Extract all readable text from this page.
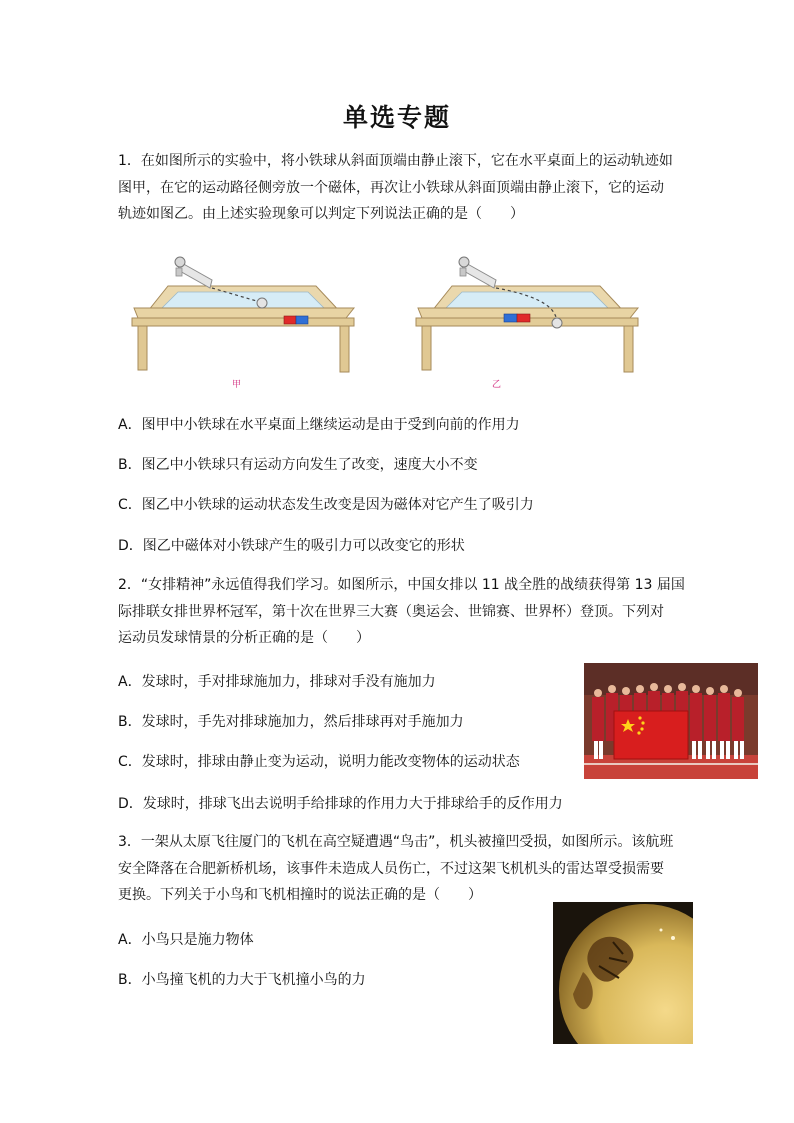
单选专题

1．在如图所示的实验中，将小铁球从斜面顶端由静止滚下，它在水平桌面上的运动轨迹如
图甲，在它的运动路径侧旁放一个磁体，再次让小铁球从斜面顶端由静止滚下，它的运动
轨迹如图乙。由上述实验现象可以判定下列说法正确的是（　　）

甲	乙
A．图甲中小铁球在水平桌面上继续运动是由于受到向前的作用力
B．图乙中小铁球只有运动方向发生了改变，速度大小不变
C．图乙中小铁球的运动状态发生改变是因为磁体对它产生了吸引力
D．图乙中磁体对小铁球产生的吸引力可以改变它的形状

2．“女排精神”永远值得我们学习。如图所示，中国女排以 11 战全胜的战绩获得第 13 届国
际排联女排世界杯冠军，第十次在世界三大赛（奥运会、世锦赛、世界杯）登顶。下列对
运动员发球情景的分析正确的是（　　）

A．发球时，手对排球施加力，排球对手没有施加力
B．发球时，手先对排球施加力，然后排球再对手施加力
C．发球时，排球由静止变为运动，说明力能改变物体的运动状态
D．发球时，排球飞出去说明手给排球的作用力大于排球给手的反作用力

3．一架从太原飞往厦门的飞机在高空疑遭遇“鸟击”，机头被撞凹受损，如图所示。该航班
安全降落在合肥新桥机场，该事件未造成人员伤亡，不过这架飞机机头的雷达罩受损需要
更换。下列关于小鸟和飞机相撞时的说法正确的是（　　）

A．小鸟只是施力物体
B．小鸟撞飞机的力大于飞机撞小鸟的力
